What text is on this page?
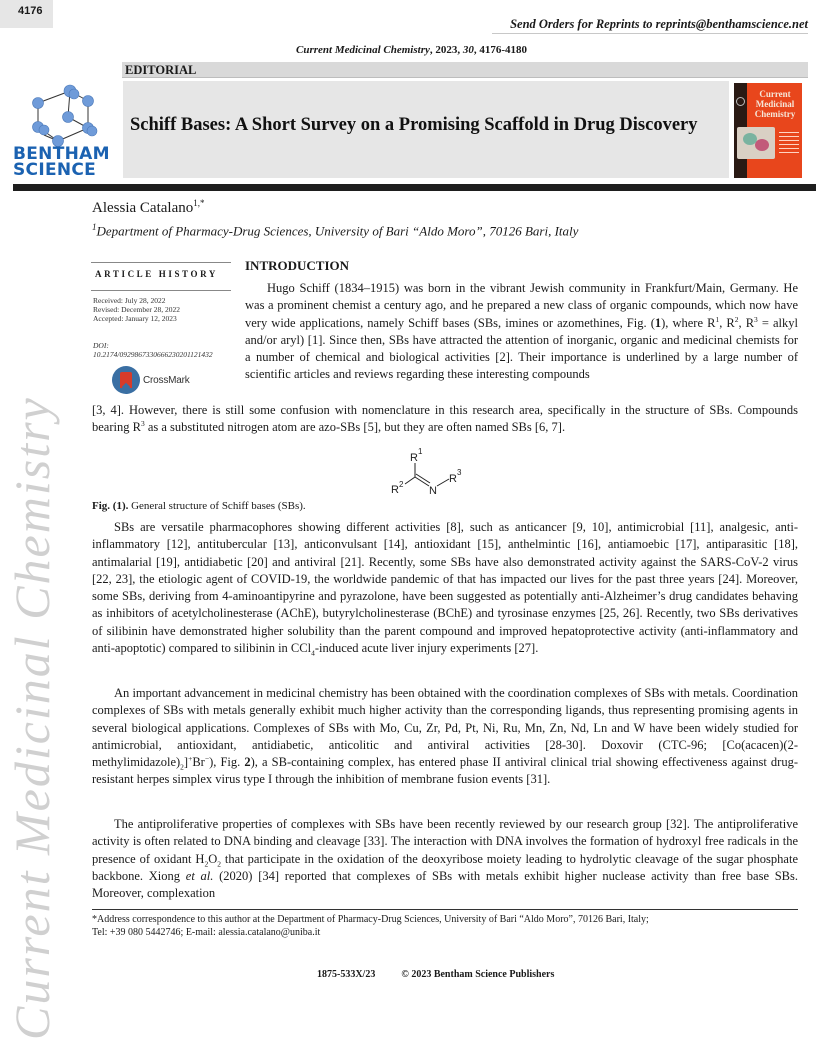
4176
Send Orders for Reprints to reprints@benthamscience.net
Current Medicinal Chemistry, 2023, 30, 4176-4180
EDITORIAL
BENTHAM
SCIENCE
Schiff Bases: A Short Survey on a Promising Scaffold in Drug Discovery
Current
Medicinal
Chemistry
Alessia Catalano$^{1,*}$
$^1$Department of Pharmacy-Drug Sciences, University of Bari “Aldo Moro”, 70126 Bari, Italy
ARTICLE HISTORY
Received: July 28, 2022
Revised: December 28, 2022
Accepted: January 12, 2023
DOI:
10.2174/0929867330666230201121432
CrossMark
INTRODUCTION

Hugo Schiff (1834–1915) was born in the vibrant Jewish community in Frankfurt/Main, Germany. He was a prominent chemist a century ago, and he prepared a new class of organic compounds, which now have very wide applications, namely Schiff bases (SBs, imines or azomethines, Fig. (1), where $R^1$, $R^2$, $R^3$ = alkyl and/or aryl) [1]. Since then, SBs have attracted the attention of inorganic, organic and medicinal chemists for a number of chemical and biological activities [2]. Their importance is underlined by a large number of scientific articles and reviews regarding these interesting compounds

[3, 4]. However, there is still some confusion with nomenclature in this research area, specifically in the structure of SBs. Compounds bearing $R^3$ as a substituted nitrogen atom are azo-SBs [5], but they are often named SBs [6, 7].

R
1
R 2
N
R
3
Fig. (1). General structure of Schiff bases (SBs).

SBs are versatile pharmacophores showing different activities [8], such as anticancer [9, 10], antimicrobial [11], analgesic, anti-inflammatory [12], antitubercular [13], anticonvulsant [14], antioxidant [15], anthelmintic [16], antiamoebic [17], antiparasitic [18], antimalarial [19], antidiabetic [20] and antiviral [21]. Recently, some SBs have also demonstrated activity against the SARS-CoV-2 virus [22, 23], the etiologic agent of COVID-19, the worldwide pandemic of that has impacted our lives for the past three years [24]. Moreover, some SBs, deriving from 4-aminoantipyrine and pyrazolone, have been suggested as potentially anti-Alzheimer’s drug candidates behaving as inhibitors of acetylcholinesterase (AChE), butyrylcholinesterase (BChE) and tyrosinase enzymes [25, 26]. Recently, two SBs derivatives of silibinin have demonstrated higher solubility than the parent compound and improved hepatoprotective activity (anti-inflammatory and anti-apoptotic) compared to silibinin in CCl$_4$-induced acute liver injury experiments [27].

An important advancement in medicinal chemistry has been obtained with the coordination complexes of SBs with metals. Coordination complexes of SBs with metals generally exhibit much higher activity than the corresponding ligands, thus representing promising agents in several biological applications. Complexes of SBs with Mo, Cu, Zr, Pd, Pt, Ni, Ru, Mn, Zn, Nd, Ln and W have been widely studied for antimicrobial, antioxidant, antidiabetic, anticolitic and antiviral activities [28-30]. Doxovir (CTC-96; $[Co(acacen)(2-methylimidazole)_2]^+Br^-$), Fig. 2), a SB-containing complex, has entered phase II antiviral clinical trial showing effectiveness against drug-resistant herpes simplex virus type I through the inhibition of membrane fusion events [31].

The antiproliferative properties of complexes with SBs have been recently reviewed by our research group [32]. The antiproliferative activity is often related to DNA binding and cleavage [33]. The interaction with DNA involves the formation of hydroxyl free radicals in the presence of oxidant $H_2O_2$ that participate in the oxidation of the deoxyribose moiety leading to hydrolytic cleavage of the sugar phosphate backbone. Xiong et al. (2020) [34] reported that complexes of SBs with metals exhibit higher nuclease activity than free base SBs. Moreover, complexation

*Address correspondence to this author at the Department of Pharmacy-Drug Sciences, University of Bari “Aldo Moro”, 70126 Bari, Italy;
Tel: +39 080 5442746; E-mail: alessia.catalano@uniba.it
1875-533X/23	© 2023 Bentham Science Publishers
Current Medicinal Chemistry
